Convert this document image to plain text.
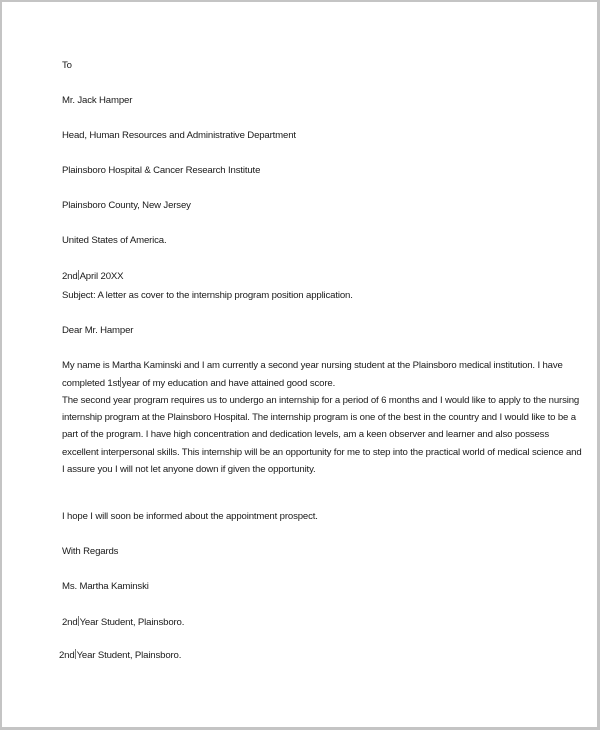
To
Mr. Jack Hamper
Head, Human Resources and Administrative Department
Plainsboro Hospital & Cancer Research Institute
Plainsboro County, New Jersey
United States of America.
2nd April 20XX
Subject: A letter as cover to the internship program position application.
Dear Mr. Hamper
My name is Martha Kaminski and I am currently a second year nursing student at the Plainsboro medical institution. I have
completed 1st year of my education and have attained good score.
The second year program requires us to undergo an internship for a period of 6 months and I would like to apply to the nursing
internship program at the Plainsboro Hospital. The internship program is one of the best in the country and I would like to be a
part of the program. I have high concentration and dedication levels, am a keen observer and learner and also possess
excellent interpersonal skills. This internship will be an opportunity for me to step into the practical world of medical science and
I assure you I will not let anyone down if given the opportunity.
I hope I will soon be informed about the appointment prospect.
With Regards
Ms. Martha Kaminski
2nd Year Student, Plainsboro.
2nd Year Student, Plainsboro.
